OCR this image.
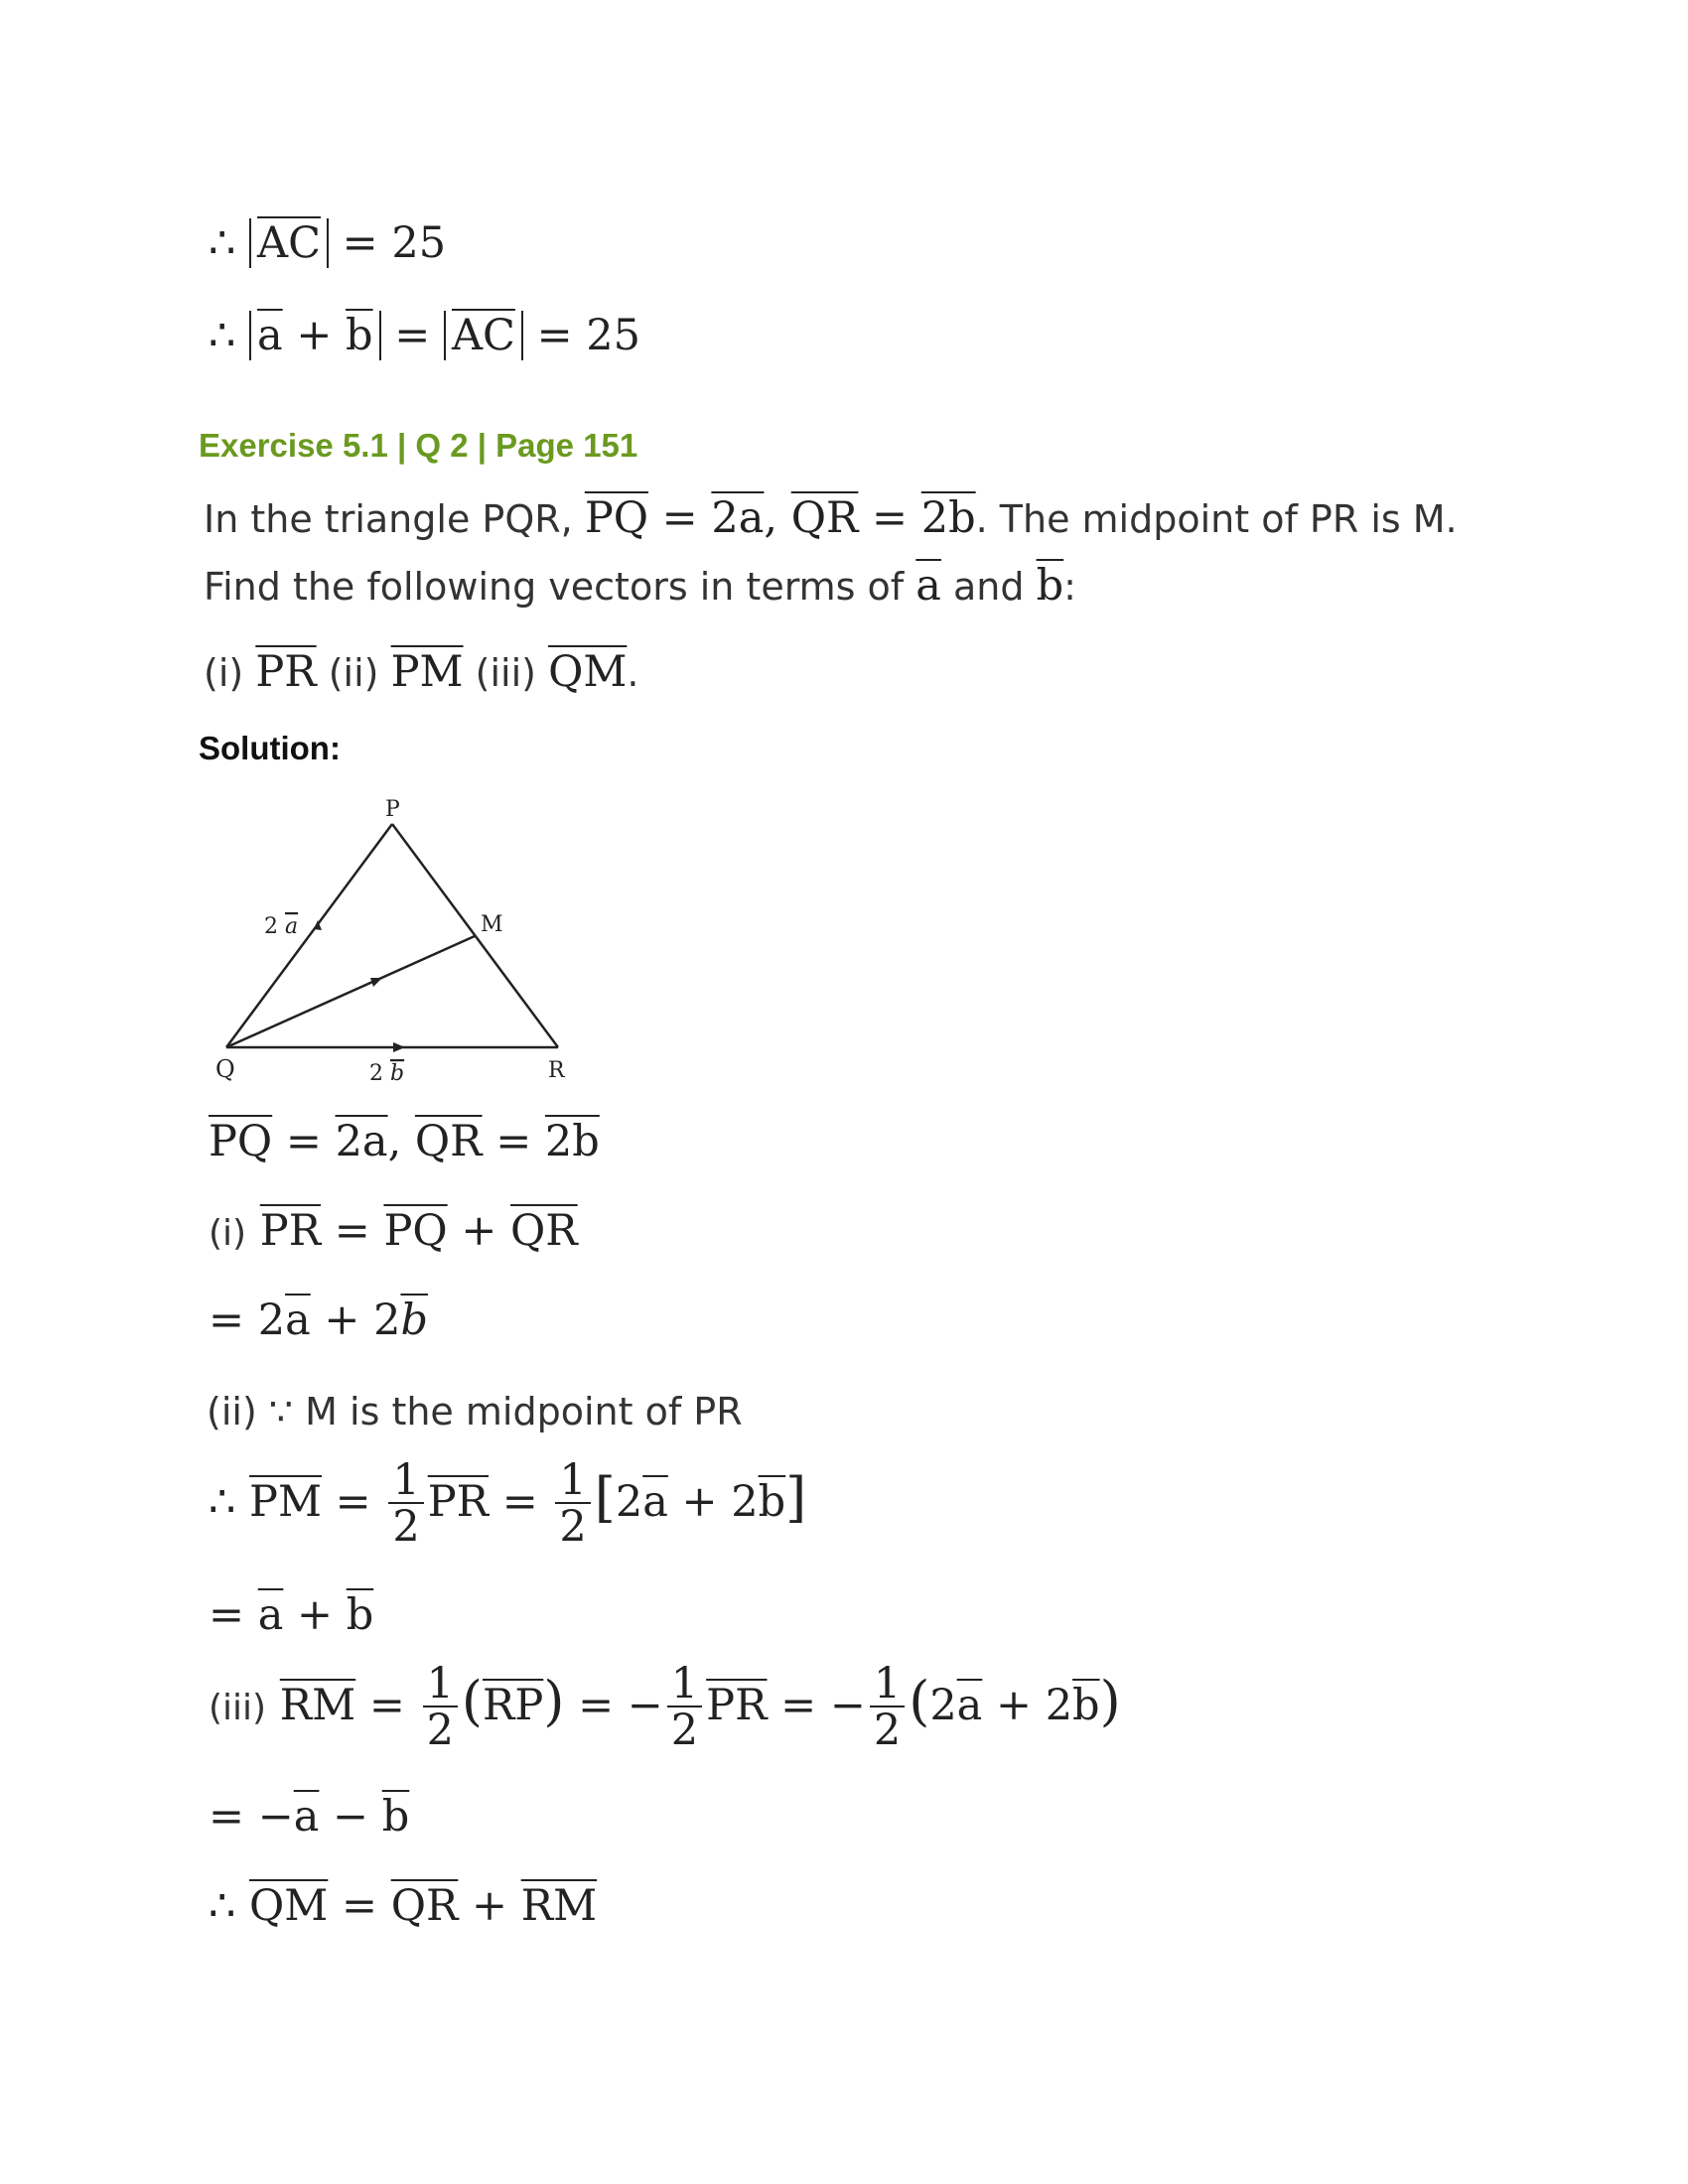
∴ $\overline{AC} = 25$
∴ $\overline{a} + \overline{b} = \overline{AC} = 25$
Exercise 5.1 | Q 2 | Page 151
In the triangle PQR, $\overline{PQ} = 2a$, $\overline{QR} = 2b$. The midpoint of PR is M.
Find the following vectors in terms of $\overline{a}$ and $\overline{b}$:
(i) $\overline{PR}$ (ii) $\overline{PM}$ (iii) $\overline{QM}$.
Solution:
P
Q	R
M
2 a
2 b
$\overline{PQ} = 2a$, $\overline{QR} = 2b$
(i) $\overline{PR} = \overline{PQ} + \overline{QR}$
= $2\overline{a} + 2\overline{b}$
(ii) ∵ M is the midpoint of PR
∴ $\overline{PM} = \frac{1}{2} \overline{PR} = \frac{1}{2} [2\overline{a} + 2\overline{b}]$
= $\overline{a} + \overline{b}$
(iii) $\overline{RM} = \frac{1}{2} (\overline{RP})$ = − $\frac{1}{2} \overline{PR}$ = − $\frac{1}{2} (2\overline{a} + 2\overline{b})$
= $-\overline{a} - \overline{b}$
∴ $\overline{QM} = \overline{QR} + \overline{RM}$
